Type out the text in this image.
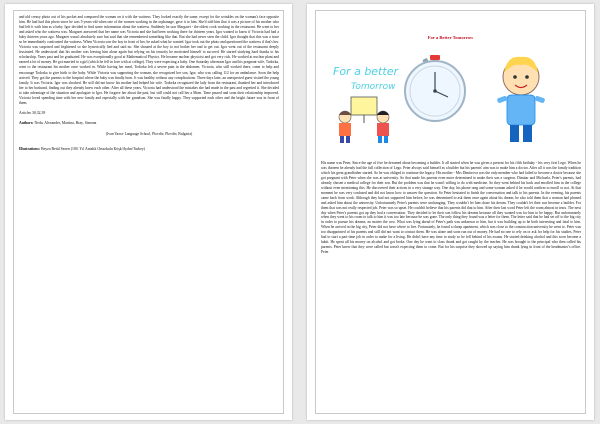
and old creasy photo out of his pocket and compared the woman on it with the waitress. They looked exactly the same, except for the wrinkles on the woman's face opposite him. He had had this photo since he was 5-years-old when one of the women working in the orphanage, gave it to him. She'd told him that it was a picture of his mother who had left it with him as a baby. Igor decided to find some information about the waitress. Suddenly he saw Margaret - the oldest cook working in the restaurant. He went to her and asked who the waitress was. Margaret answered that her name was Victoria and she had been working there for thirteen years. Igor wanted to know if Victoria had had a baby thirteen years ago. Margaret wasn't absolutely sure but said that she remembered something like that. But she had never seen the child. Igor thought that this was a trace so he immediately confronted the waitress. When Victoria saw the boy in front of her, he asked what he wanted. Igor took out the photo and questioned the waitress if that's her. Victoria was surprised and frightened so she hysterically lied and said no. She shouted at the boy to not bother her and to get out. Igor went out of the restaurant deeply frustrated. He understood that his mother was leaving him alone again but relying on his tenacity he motivated himself to succeed. He started studying hard thanks to his scholarship. Years past and he graduated. He was exceptionally good at Mathematical Physics. He became nuclear physicist and got very rich. He worked at nuclear plant and earned a lot of money. He got married to a girl (which he fell in love with at college). They were expecting a baby. One Saturday afternoon Igor and his pregnant wife, Todorka, went to the restaurant his mother once worked in. While having her meal, Todorka felt a severe pain in the abdomen. Victoria, who still worked there, came to help and encourage Todorka to give birth to the baby. While Victoria was supporting the woman, she recognized her son, Igor, who was calling 112 for an ambulance. Soon the help arrived. They got the parents to the hospital where the baby was finally born. It was healthy without any complications. Three days later, an unexpected guest visited the young family. It was Victoria. Igor was shocked. He still did not know his mother had helped his wife. Todorka recognized the lady from the restaurant, thanked her and introduced her to her husband, finding out they already knew each other. After all these years, Victoria had understood the mistakes she had made in the past and regretted it. She decided to take advantage of the situation and apologize to Igor. He forgave her about the past, but still could not call her a Mom. Time passed and soon their relationship improved. Victoria loved spending time with her new family and especially with her grandson. She was finally happy. They supported each other and the bright future was in front of them.

Articles 30,32,39

Authors: Neda, Alexander, Martina, Bray, Simona

(Ivan Vazov Language School, Plovdiv, Plovdiv, Bulgaria)

Illustrations: Beyza Betül Sezen (100. Yıl Antalık Ortaokulu Köşk/Aydın/Turkey)

For a Better Tomorrow
For a better
Tomorrow

His name was Peter. Since the age of five he dreamed about becoming a builder. It all started when he was given a present for his fifth birthday - his very first Lego. When he was thirteen he already had the full collection of Lego. Peter always said himself as a builder but his parents' aim was to make him a doctor. After all it was the family tradition which his great grandfather started. So he was obliged to continue the legacy. His mother - Mrs Dimitrova was the only member who had failed to become a doctor because she got pregnant with Peter when she was at university. So that made his parents even more determined to make their son a surgeon. Dimitar and Michaela, Peter's parents, had already chosen a medical college for their son. But the problem was that he wasn't willing to do with medicine. So they went behind his back and enrolled him in the college without even mentioning this. He discovered their actions in a very strange way. One day, his phone rang and some woman asked if he would confirm to enroll or not. At that moment he was very confused and did not know how to answer the question. So Peter hesitated to finish the conversation and talk to his parents. In the evening, his parents came back from work. Although they had not supported him before, he was determined to ask them once again about his dream; he also told them that a woman had phoned and asked him about the university. Unfortunately Peter's parents were unchanging. They wouldn't let him chase his dream. They couldn't let their son become a builder. For them that was not really respected job. Peter was so upset. He couldn't believe that his parents did that to him. After their last word Peter left the room almost in tears. The next day when Peter's parents got up they had a conversation. They decided to let their son follow his dreams because all they wanted was for him to be happy. But unfortunately when they went to his room to talk to him it was too late because he was gone. The only thing they found was a letter for them. The letter said that he had set off to the big city in order to pursue his dreams, no matter the cost. What was lying ahead of Peter's path was unknown to him, but it was building up to be both interesting and fatal to him. When he arrived in the big city, Peter did not have where to live. Fortunately, he found a cheap apartment, which was close to the construction university he went to. Peter was too disappointed of his parents and still did not want to contact them. He was alone and soon run out of money. He had no one to rely on or ask for help for his studies. Peter had to start a part-time job in order to make for a living. He didn't have any time to study so he fell behind of his exams. He started drinking alcohol and this soon became a habit. He spent all his money on alcohol and got broke. One day he went to class drunk and got caught by the teacher. He was brought to the principal who then called his parents. Peter knew that they were called but wasn't expecting them to come. But for his surprise they showed up saying him drunk lying in front of the headmaster's office. Peter
